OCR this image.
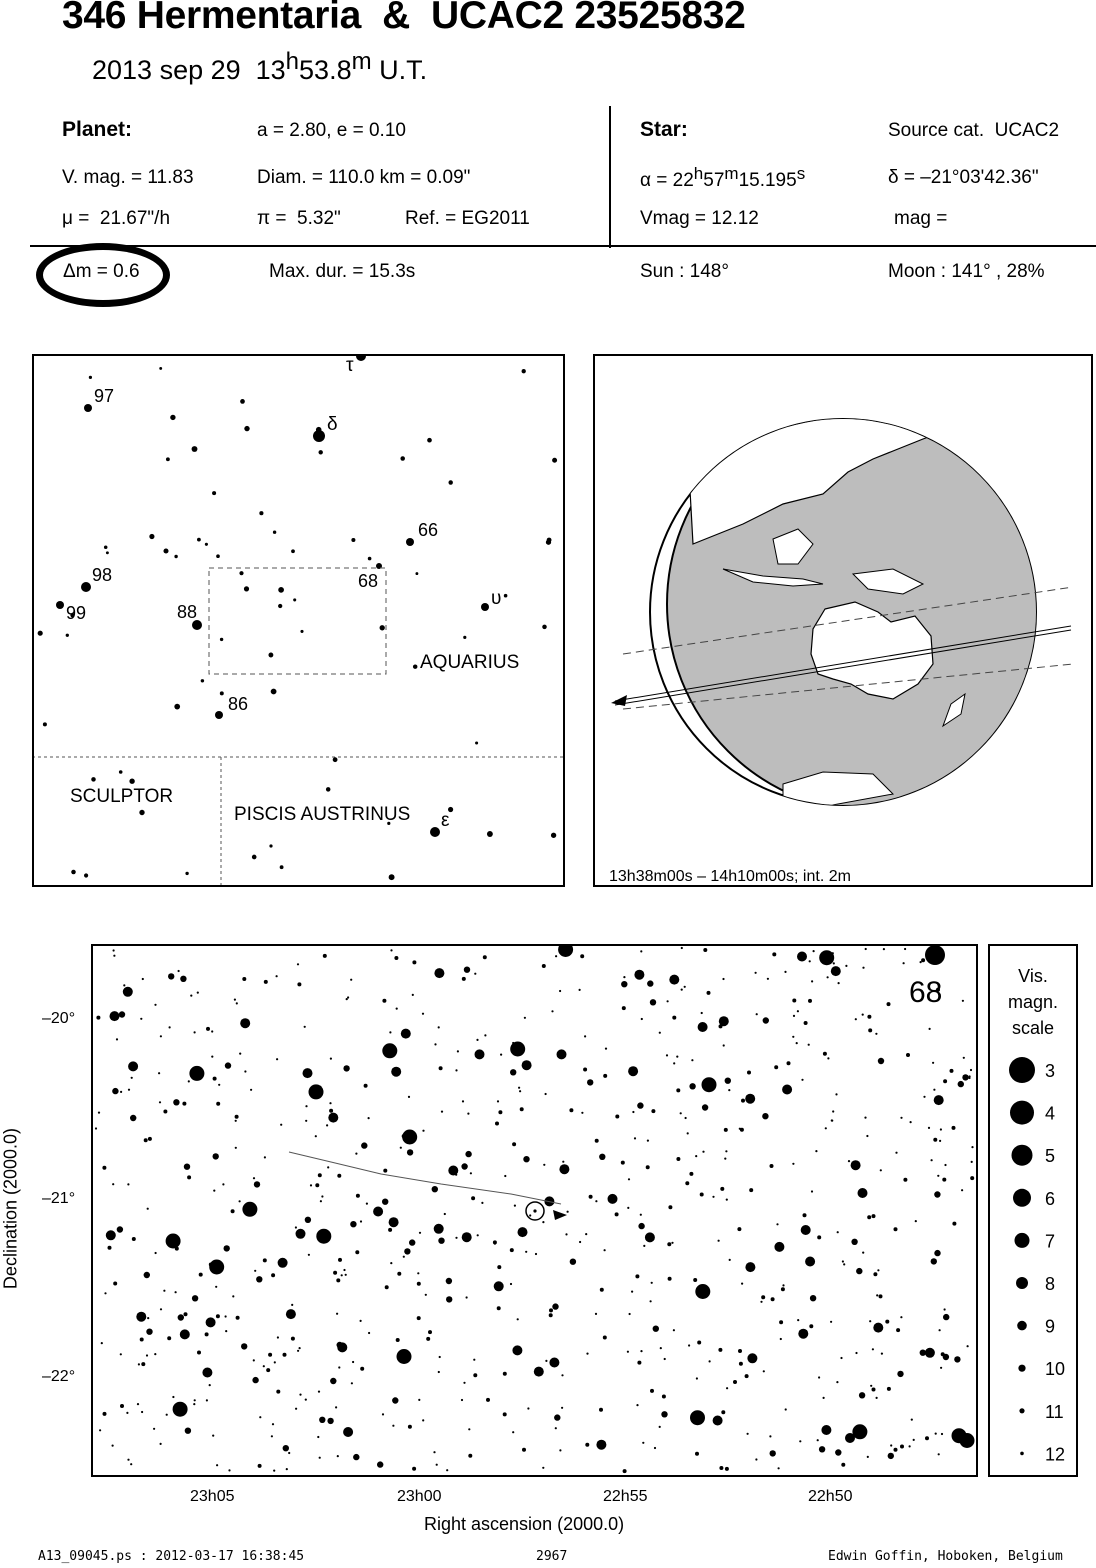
346 Hermentaria  &  UCAC2 23525832
2013 sep 29  13$^h$53.8$^m$ U.T.
Planet:	a = 2.80, e = 0.10
V. mag. = 11.83	Diam. = 110.0 km = 0.09"
μ =  21.67"/h	π =  5.32"	Ref. = EG2011
Star:	Source cat.  UCAC2
$\alpha = 22^h57^m15.195^s$	δ = –21°03'42.36"
Vmag = 12.12	mag =
Δm = 0.6	Max. dur. = 15.3s	Sun : 148°	Moon : 141° , 28%
AQUARIUS
SCULPTOR
PISCIS AUSTRINUS
97
98
99	88
86
66
68
τ
δ
υ
ε
13h38m00s – 14h10m00s; int. 2m
68
–20°
–21°
–22°
23h05	23h00	22h55	22h50
Right ascension (2000.0)
Declination (2000.0)
Vis.
magn.
scale
3
4
5
6
7
8
9
10
11
12
A13_09045.ps : 2012-03-17 16:38:45	2967	Edwin Goffin, Hoboken, Belgium
